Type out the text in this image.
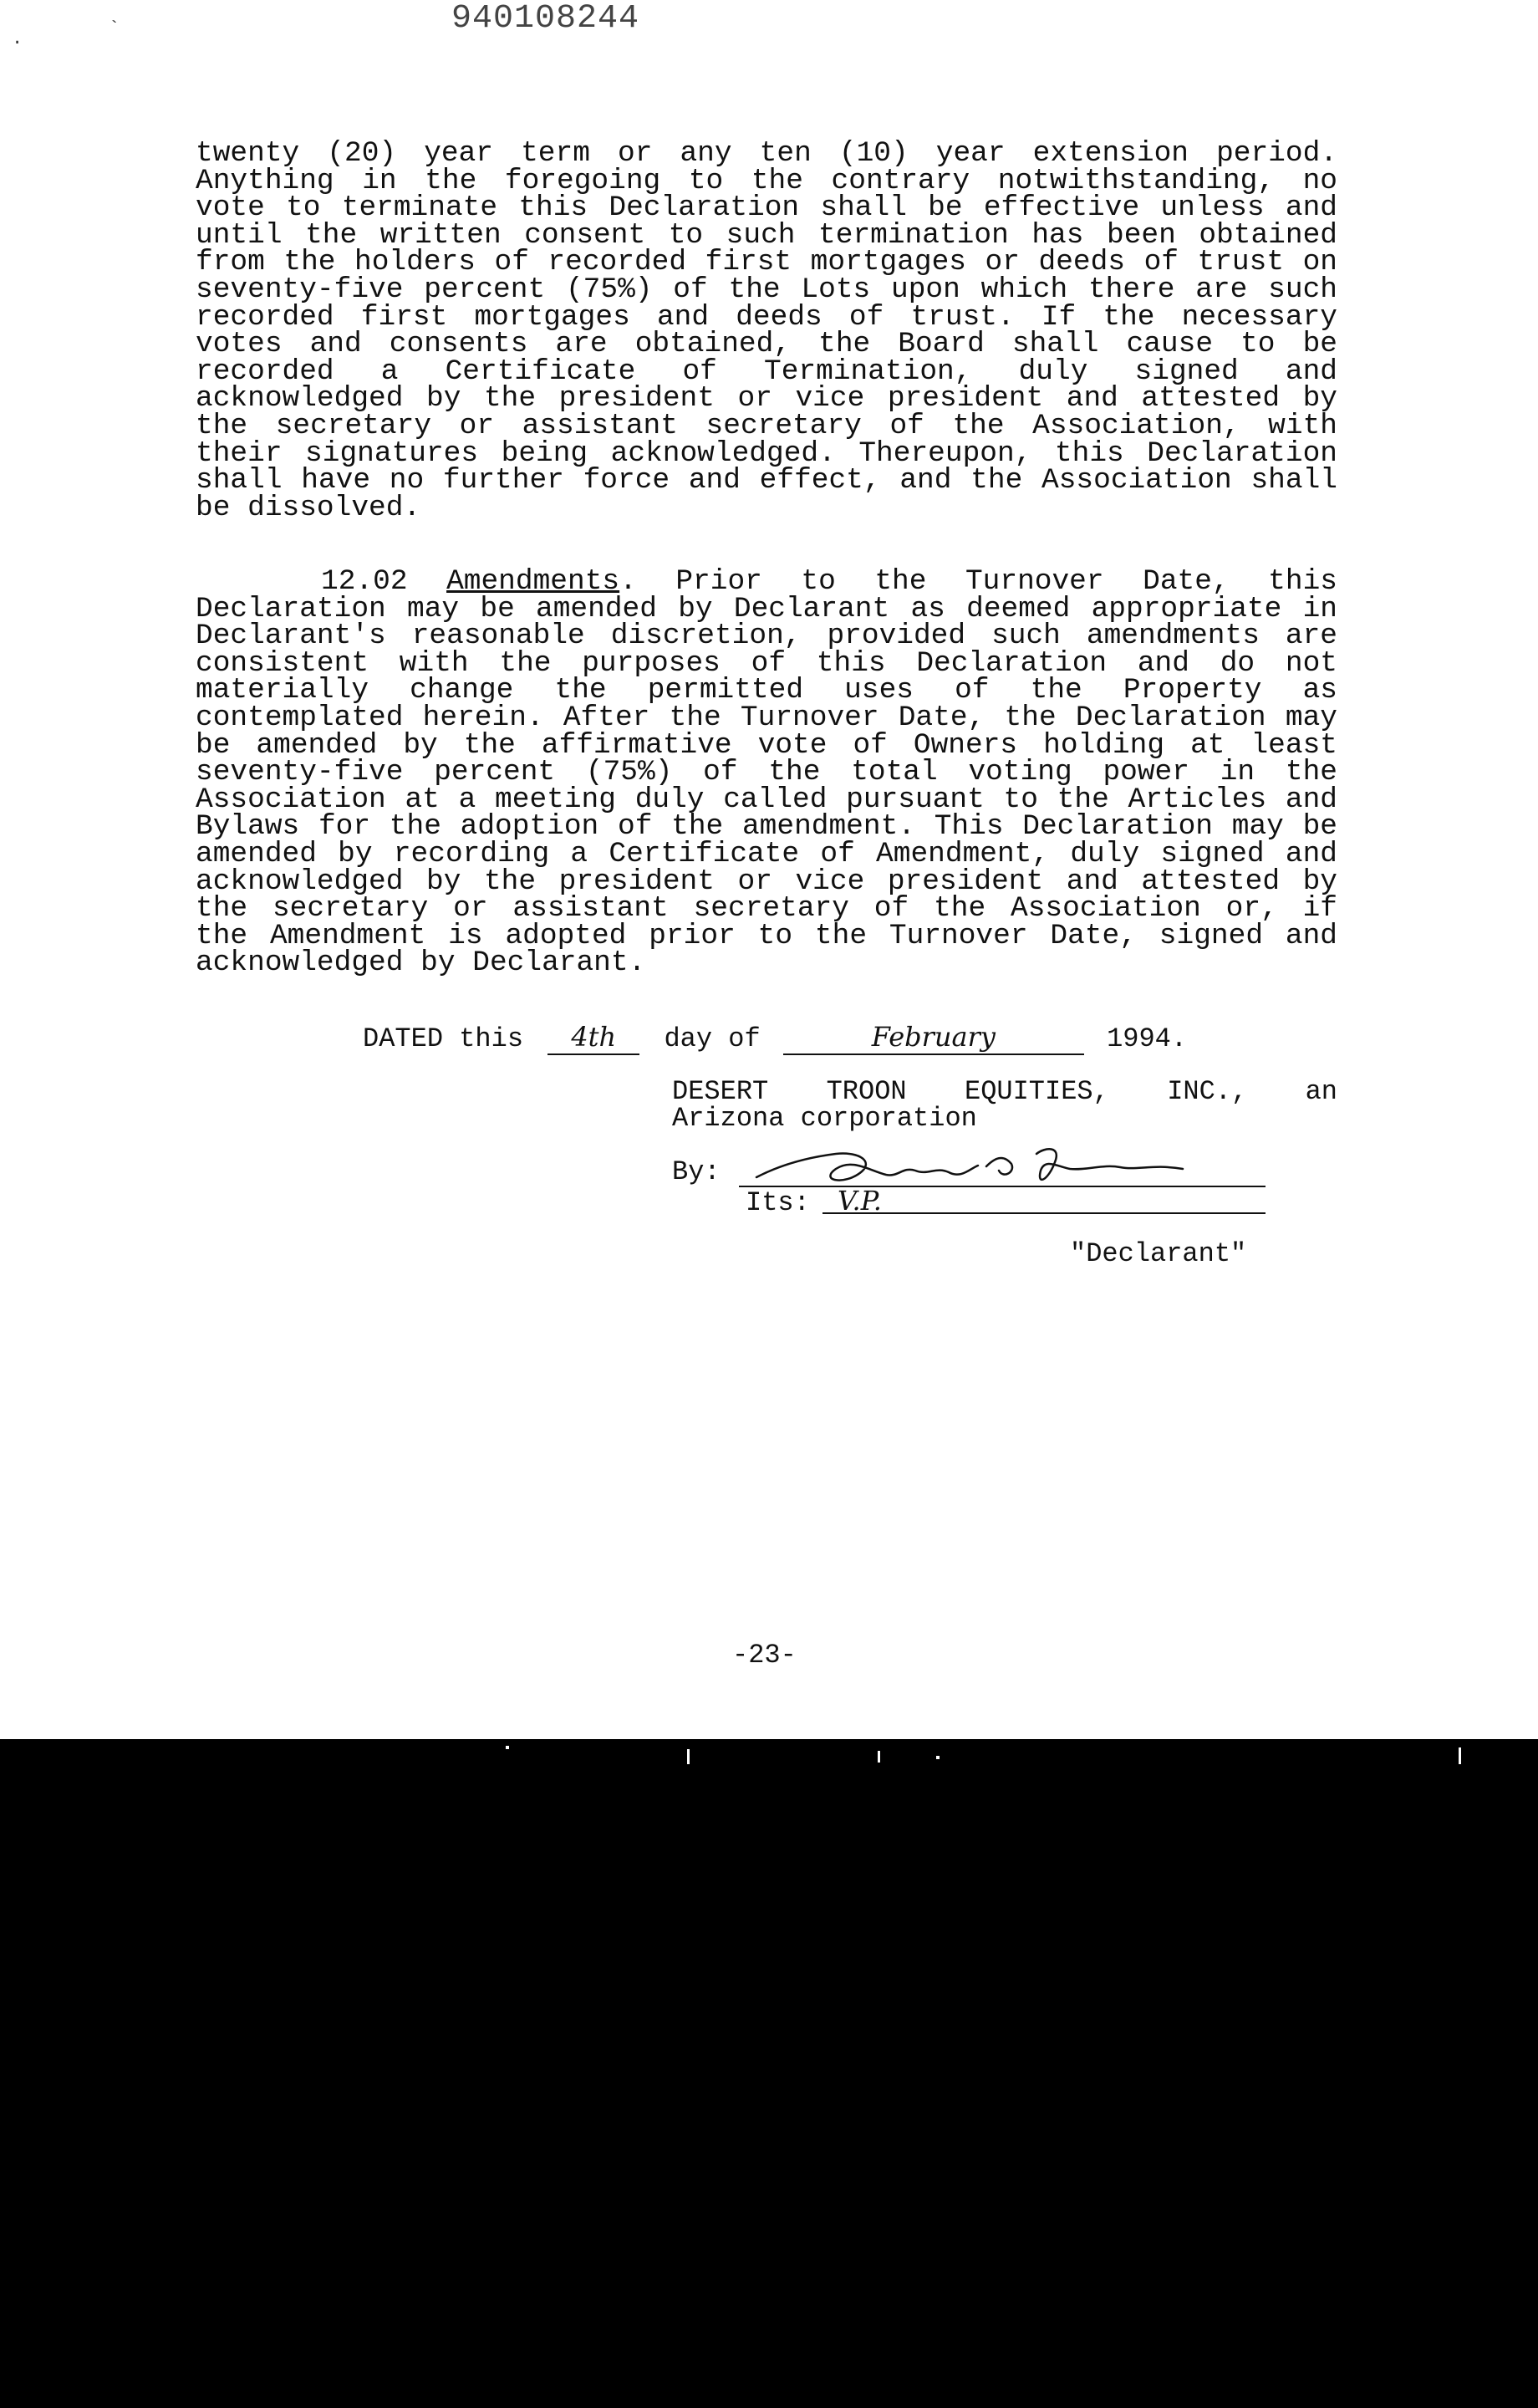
.	`	940108244

twenty (20) year term or any ten (10) year extension period. Anything in the foregoing to the contrary notwithstanding, no vote to terminate this Declaration shall be effective unless and until the written consent to such termination has been obtained from the holders of recorded first mortgages or deeds of trust on seventy-five percent (75%) of the Lots upon which there are such recorded first mortgages and deeds of trust. If the necessary votes and consents are obtained, the Board shall cause to be recorded a Certificate of Termination, duly signed and acknowledged by the president or vice president and attested by the secretary or assistant secretary of the Association, with their signatures being acknowledged. Thereupon, this Declaration shall have no further force and effect, and the Association shall be dissolved.

12.02 Amendments. Prior to the Turnover Date, this Declaration may be amended by Declarant as deemed appropriate in Declarant's reasonable discretion, provided such amendments are consistent with the purposes of this Declaration and do not materially change the permitted uses of the Property as contemplated herein. After the Turnover Date, the Declaration may be amended by the affirmative vote of Owners holding at least seventy-five percent (75%) of the total voting power in the Association at a meeting duly called pursuant to the Articles and Bylaws for the adoption of the amendment. This Declaration may be amended by recording a Certificate of Amendment, duly signed and acknowledged by the president or vice president and attested by the secretary or assistant secretary of the Association or, if the Amendment is adopted prior to the Turnover Date, signed and acknowledged by Declarant.

DATED this 4th day of	February	1994.

DESERT TROON EQUITIES, INC., an

Arizona corporation
By:
Its: V.P.
"Declarant"
-23-
